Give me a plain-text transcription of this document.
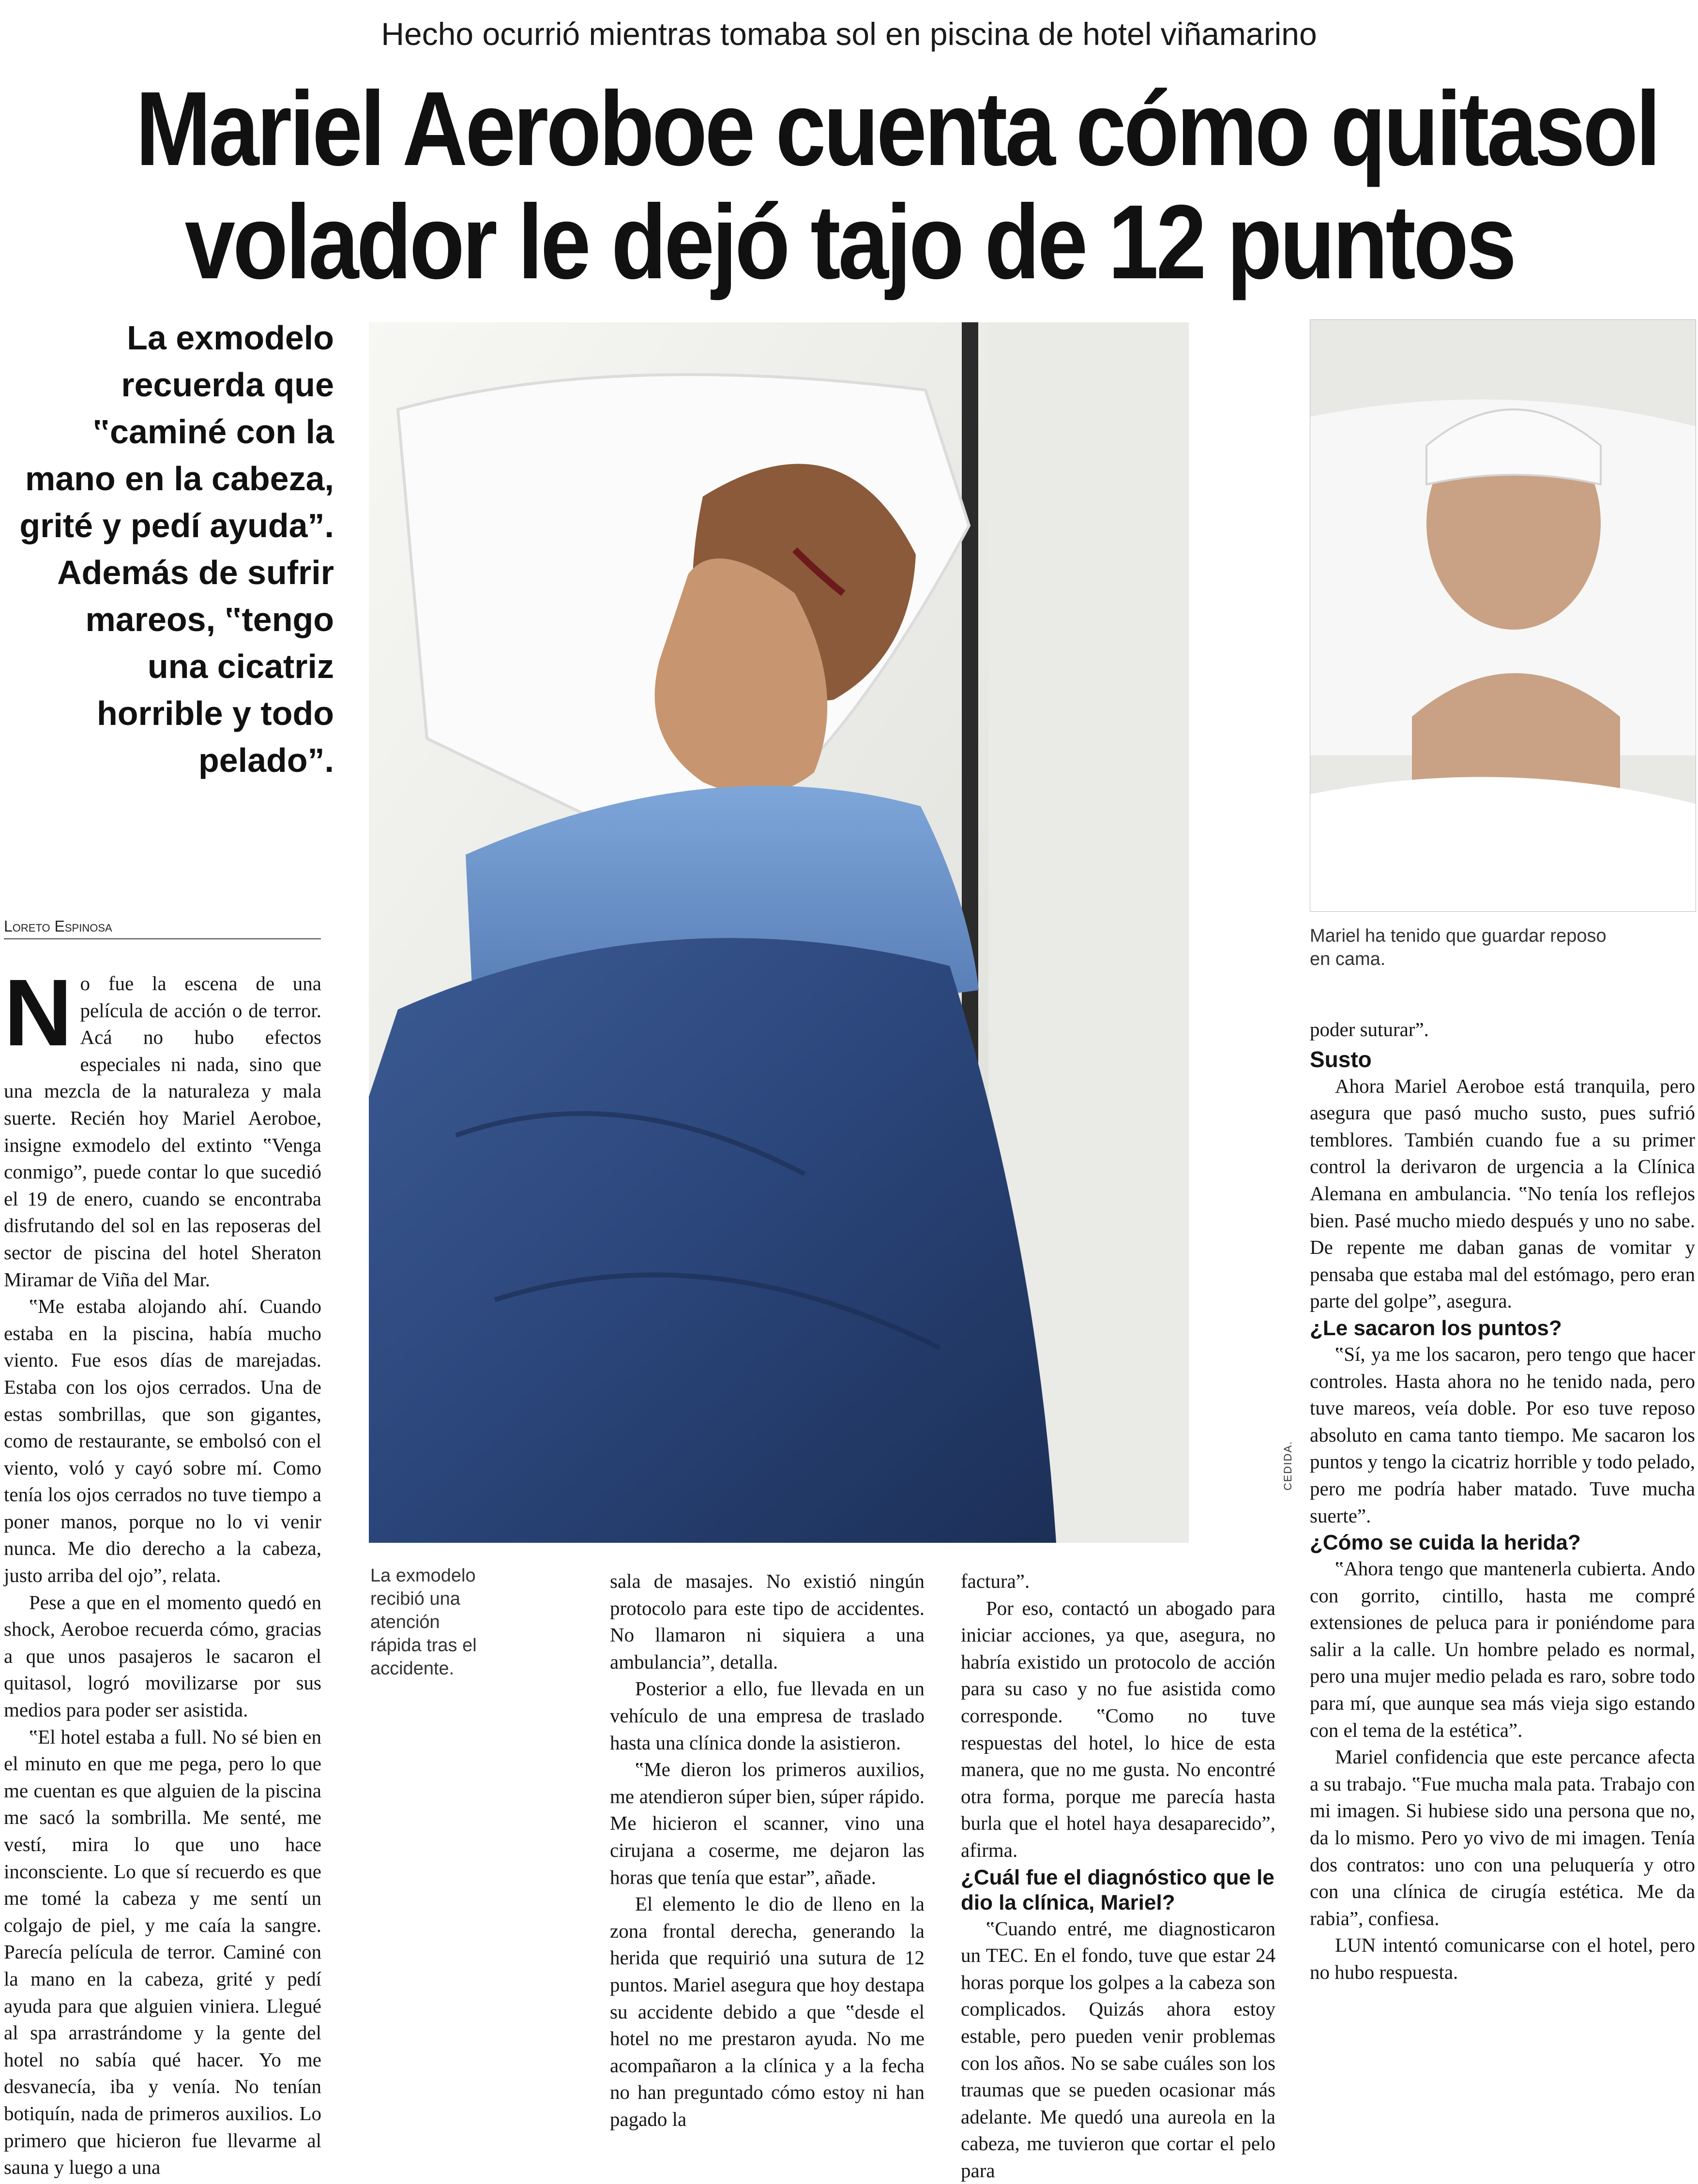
Hecho ocurrió mientras tomaba sol en piscina de hotel viñamarino
Mariel Aeroboe cuenta cómo quitasol
volador le dejó tajo de 12 puntos
La exmodelo recuerda que ‟caminé con la mano en la cabeza, grité y pedí ayuda”. Además de sufrir mareos, ‟tengo una cicatriz horrible y todo pelado”.
CEDIDA.
La exmodelo recibió una atención rápida tras el accidente.
Mariel ha tenido que guardar reposo en cama.
Loreto Espinosa

No fue la escena de una película de acción o de terror. Acá no hubo efectos especiales ni nada, sino que una mezcla de la naturaleza y mala suerte. Recién hoy Mariel Aeroboe, insigne exmodelo del extinto ‟Venga conmigo”, puede contar lo que sucedió el 19 de enero, cuando se encontraba disfrutando del sol en las reposeras del sector de piscina del hotel Sheraton Miramar de Viña del Mar.

‟Me estaba alojando ahí. Cuando estaba en la piscina, había mucho viento. Fue esos días de marejadas. Estaba con los ojos cerrados. Una de estas sombrillas, que son gigantes, como de restaurante, se embolsó con el viento, voló y cayó sobre mí. Como tenía los ojos cerrados no tuve tiempo a poner manos, porque no lo vi venir nunca. Me dio derecho a la cabeza, justo arriba del ojo”, relata.

Pese a que en el momento quedó en shock, Aeroboe recuerda cómo, gracias a que unos pasajeros le sacaron el quitasol, logró movilizarse por sus medios para poder ser asistida.

‟El hotel estaba a full. No sé bien en el minuto en que me pega, pero lo que me cuentan es que alguien de la piscina me sacó la sombrilla. Me senté, me vestí, mira lo que uno hace inconsciente. Lo que sí recuerdo es que me tomé la cabeza y me sentí un colgajo de piel, y me caía la sangre. Parecía película de terror. Caminé con la mano en la cabeza, grité y pedí ayuda para que alguien viniera. Llegué al spa arrastrándome y la gente del hotel no sabía qué hacer. Yo me desvanecía, iba y venía. No tenían botiquín, nada de primeros auxilios. Lo primero que hicieron fue llevarme al sauna y luego a una

sala de masajes. No existió ningún protocolo para este tipo de accidentes. No llamaron ni siquiera a una ambulancia”, detalla.

Posterior a ello, fue llevada en un vehículo de una empresa de traslado hasta una clínica donde la asistieron.

‟Me dieron los primeros auxilios, me atendieron súper bien, súper rápido. Me hicieron el scanner, vino una cirujana a coserme, me dejaron las horas que tenía que estar”, añade.

El elemento le dio de lleno en la zona frontal derecha, generando la herida que requirió una sutura de 12 puntos. Mariel asegura que hoy destapa su accidente debido a que ‟desde el hotel no me prestaron ayuda. No me acompañaron a la clínica y a la fecha no han preguntado cómo estoy ni han pagado la

factura”.

Por eso, contactó un abogado para iniciar acciones, ya que, asegura, no habría existido un protocolo de acción para su caso y no fue asistida como corresponde. ‟Como no tuve respuestas del hotel, lo hice de esta manera, que no me gusta. No encontré otra forma, porque me parecía hasta burla que el hotel haya desaparecido”, afirma.

¿Cuál fue el diagnóstico que le dio la clínica, Mariel?

‟Cuando entré, me diagnosticaron un TEC. En el fondo, tuve que estar 24 horas porque los golpes a la cabeza son complicados. Quizás ahora estoy estable, pero pueden venir problemas con los años. No se sabe cuáles son los traumas que se pueden ocasionar más adelante. Me quedó una aureola en la cabeza, me tuvieron que cortar el pelo para

poder suturar”.

Susto

Ahora Mariel Aeroboe está tranquila, pero asegura que pasó mucho susto, pues sufrió temblores. También cuando fue a su primer control la derivaron de urgencia a la Clínica Alemana en ambulancia. ‟No tenía los reflejos bien. Pasé mucho miedo después y uno no sabe. De repente me daban ganas de vomitar y pensaba que estaba mal del estómago, pero eran parte del golpe”, asegura.

¿Le sacaron los puntos?

‟Sí, ya me los sacaron, pero tengo que hacer controles. Hasta ahora no he tenido nada, pero tuve mareos, veía doble. Por eso tuve reposo absoluto en cama tanto tiempo. Me sacaron los puntos y tengo la cicatriz horrible y todo pelado, pero me podría haber matado. Tuve mucha suerte”.

¿Cómo se cuida la herida?

‟Ahora tengo que mantenerla cubierta. Ando con gorrito, cintillo, hasta me compré extensiones de peluca para ir poniéndome para salir a la calle. Un hombre pelado es normal, pero una mujer medio pelada es raro, sobre todo para mí, que aunque sea más vieja sigo estando con el tema de la estética”.

Mariel confidencia que este percance afecta a su trabajo. ‟Fue mucha mala pata. Trabajo con mi imagen. Si hubiese sido una persona que no, da lo mismo. Pero yo vivo de mi imagen. Tenía dos contratos: uno con una peluquería y otro con una clínica de cirugía estética. Me da rabia”, confiesa.

LUN intentó comunicarse con el hotel, pero no hubo respuesta.
